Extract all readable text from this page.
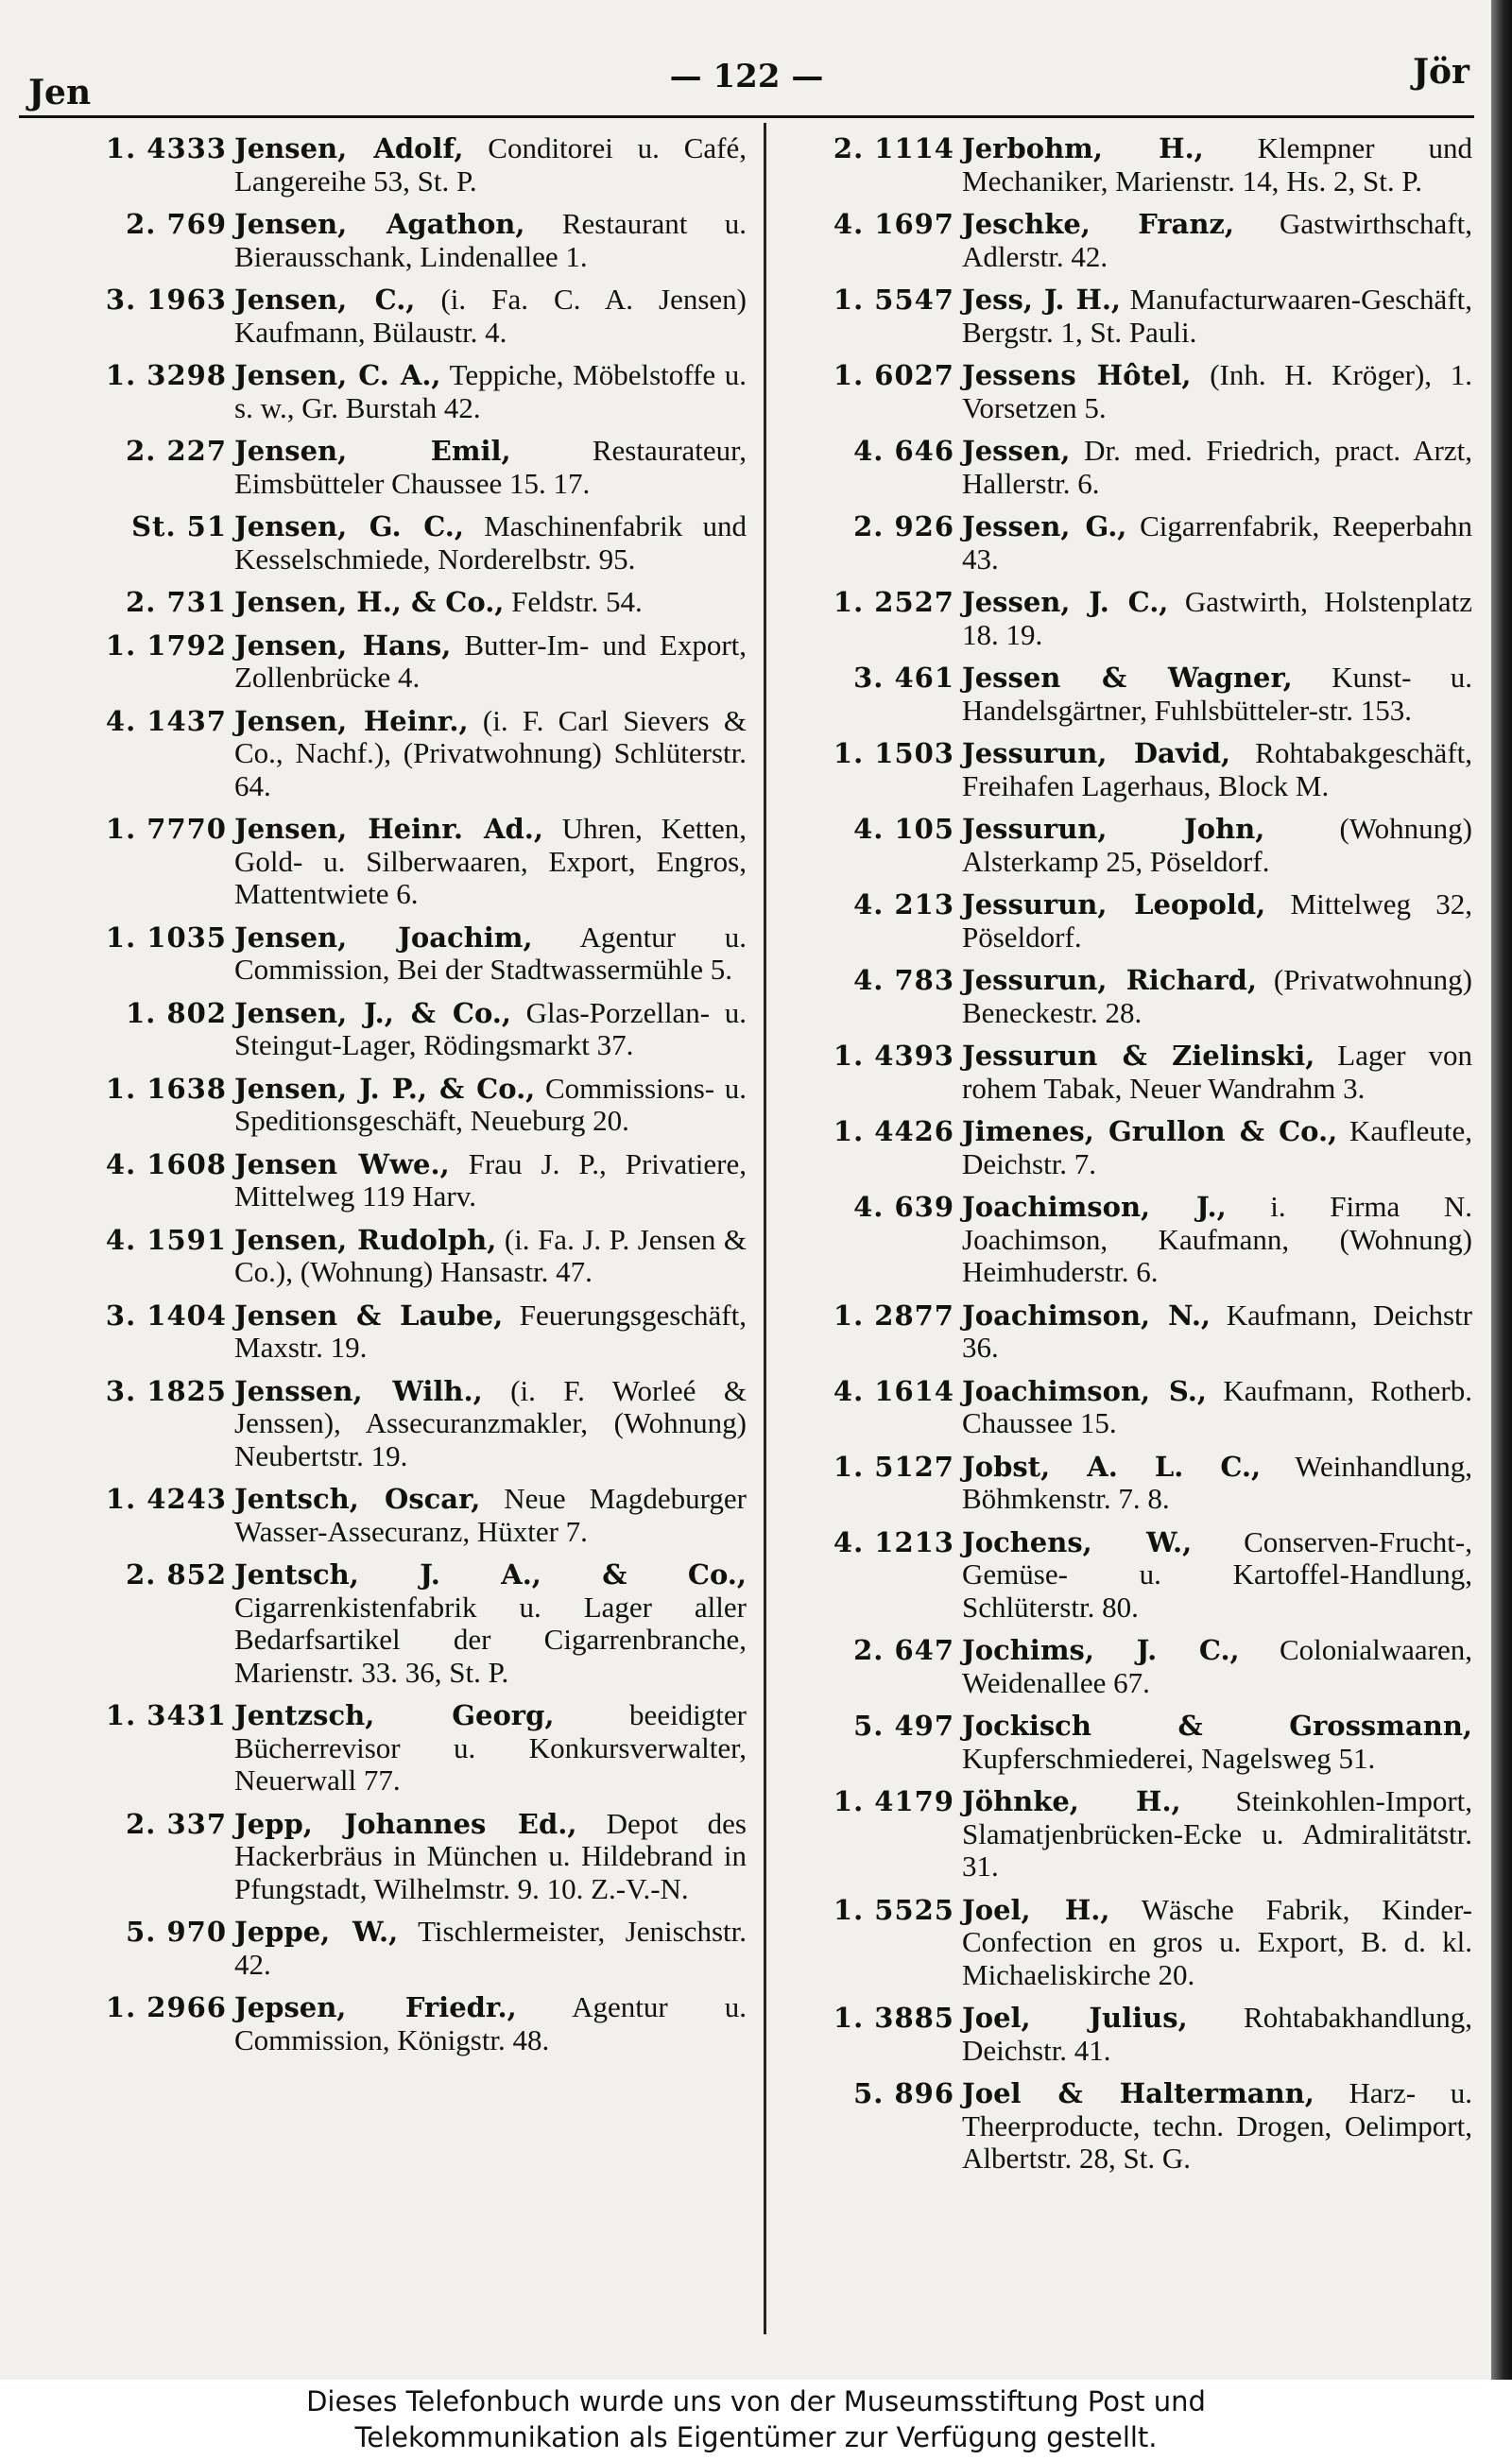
Jen	— 122 —	Jör
1. 4333 Jensen, Adolf, Conditorei u. Café, Langereihe 53, St. P.
2. 769 Jensen, Agathon, Restaurant u. Bierausschank, Lindenallee 1.
3. 1963 Jensen, C., (i. Fa. C. A. Jensen) Kaufmann, Bülaustr. 4.
1. 3298 Jensen, C. A., Teppiche, Möbelstoffe u. s. w., Gr. Burstah 42.
2. 227 Jensen, Emil, Restaurateur, Eimsbütteler Chaussee 15. 17.
St. 51 Jensen, G. C., Maschinenfabrik und Kesselschmiede, Norderelbstr. 95.
2. 731 Jensen, H., & Co., Feldstr. 54.
1. 1792 Jensen, Hans, Butter-Im- und Export, Zollenbrücke 4.
4. 1437 Jensen, Heinr., (i. F. Carl Sievers & Co., Nachf.), (Privatwohnung) Schlüterstr. 64.
1. 7770 Jensen, Heinr. Ad., Uhren, Ketten, Gold- u. Silberwaaren, Export, Engros, Mattentwiete 6.
1. 1035 Jensen, Joachim, Agentur u. Commission, Bei der Stadtwassermühle 5.
1. 802 Jensen, J., & Co., Glas-Porzellan- u. Steingut-Lager, Rödingsmarkt 37.
1. 1638 Jensen, J. P., & Co., Commissions- u. Speditionsgeschäft, Neueburg 20.
4. 1608 Jensen Wwe., Frau J. P., Privatiere, Mittelweg 119 Harv.
4. 1591 Jensen, Rudolph, (i. Fa. J. P. Jensen & Co.), (Wohnung) Hansastr. 47.
3. 1404 Jensen & Laube, Feuerungsgeschäft, Maxstr. 19.
3. 1825 Jenssen, Wilh., (i. F. Worleé & Jenssen), Assecuranzmakler, (Wohnung) Neubertstr. 19.
1. 4243 Jentsch, Oscar, Neue Magdeburger Wasser-Assecuranz, Hüxter 7.
2. 852 Jentsch, J. A., & Co., Cigarrenkistenfabrik u. Lager aller Bedarfsartikel der Cigarrenbranche, Marienstr. 33. 36, St. P.
1. 3431 Jentzsch, Georg, beeidigter Bücherrevisor u. Konkursverwalter, Neuerwall 77.
2. 337 Jepp, Johannes Ed., Depot des Hackerbräus in München u. Hildebrand in Pfungstadt, Wilhelmstr. 9. 10. Z.-V.-N.
5. 970 Jeppe, W., Tischlermeister, Jenischstr. 42.
1. 2966 Jepsen, Friedr., Agentur u. Commission, Königstr. 48.
2. 1114 Jerbohm, H., Klempner und Mechaniker, Marienstr. 14, Hs. 2, St. P.
4. 1697 Jeschke, Franz, Gastwirthschaft, Adlerstr. 42.
1. 5547 Jess, J. H., Manufacturwaaren-Geschäft, Bergstr. 1, St. Pauli.
1. 6027 Jessens Hôtel, (Inh. H. Kröger), 1. Vorsetzen 5.
4. 646 Jessen, Dr. med. Friedrich, pract. Arzt, Hallerstr. 6.
2. 926 Jessen, G., Cigarrenfabrik, Reeperbahn 43.
1. 2527 Jessen, J. C., Gastwirth, Holstenplatz 18. 19.
3. 461 Jessen & Wagner, Kunst- u. Handelsgärtner, Fuhlsbütteler-str. 153.
1. 1503 Jessurun, David, Rohtabakgeschäft, Freihafen Lagerhaus, Block M.
4. 105 Jessurun, John, (Wohnung) Alsterkamp 25, Pöseldorf.
4. 213 Jessurun, Leopold, Mittelweg 32, Pöseldorf.
4. 783 Jessurun, Richard, (Privatwohnung) Beneckestr. 28.
1. 4393 Jessurun & Zielinski, Lager von rohem Tabak, Neuer Wandrahm 3.
1. 4426 Jimenes, Grullon & Co., Kaufleute, Deichstr. 7.
4. 639 Joachimson, J., i. Firma N. Joachimson, Kaufmann, (Wohnung) Heimhuderstr. 6.
1. 2877 Joachimson, N., Kaufmann, Deichstr 36.
4. 1614 Joachimson, S., Kaufmann, Rotherb. Chaussee 15.
1. 5127 Jobst, A. L. C., Weinhandlung, Böhmkenstr. 7. 8.
4. 1213 Jochens, W., Conserven-Frucht-, Gemüse- u. Kartoffel-Handlung, Schlüterstr. 80.
2. 647 Jochims, J. C., Colonialwaaren, Weidenallee 67.
5. 497 Jockisch & Grossmann, Kupferschmiederei, Nagelsweg 51.
1. 4179 Jöhnke, H., Steinkohlen-Import, Slamatjenbrücken-Ecke u. Admiralitätstr. 31.
1. 5525 Joel, H., Wäsche Fabrik, Kinder-Confection en gros u. Export, B. d. kl. Michaeliskirche 20.
1. 3885 Joel, Julius, Rohtabakhandlung, Deichstr. 41.
5. 896 Joel & Haltermann, Harz- u. Theerproducte, techn. Drogen, Oelimport, Albertstr. 28, St. G.
Dieses Telefonbuch wurde uns von der Museumsstiftung Post und
Telekommunikation als Eigentümer zur Verfügung gestellt.
